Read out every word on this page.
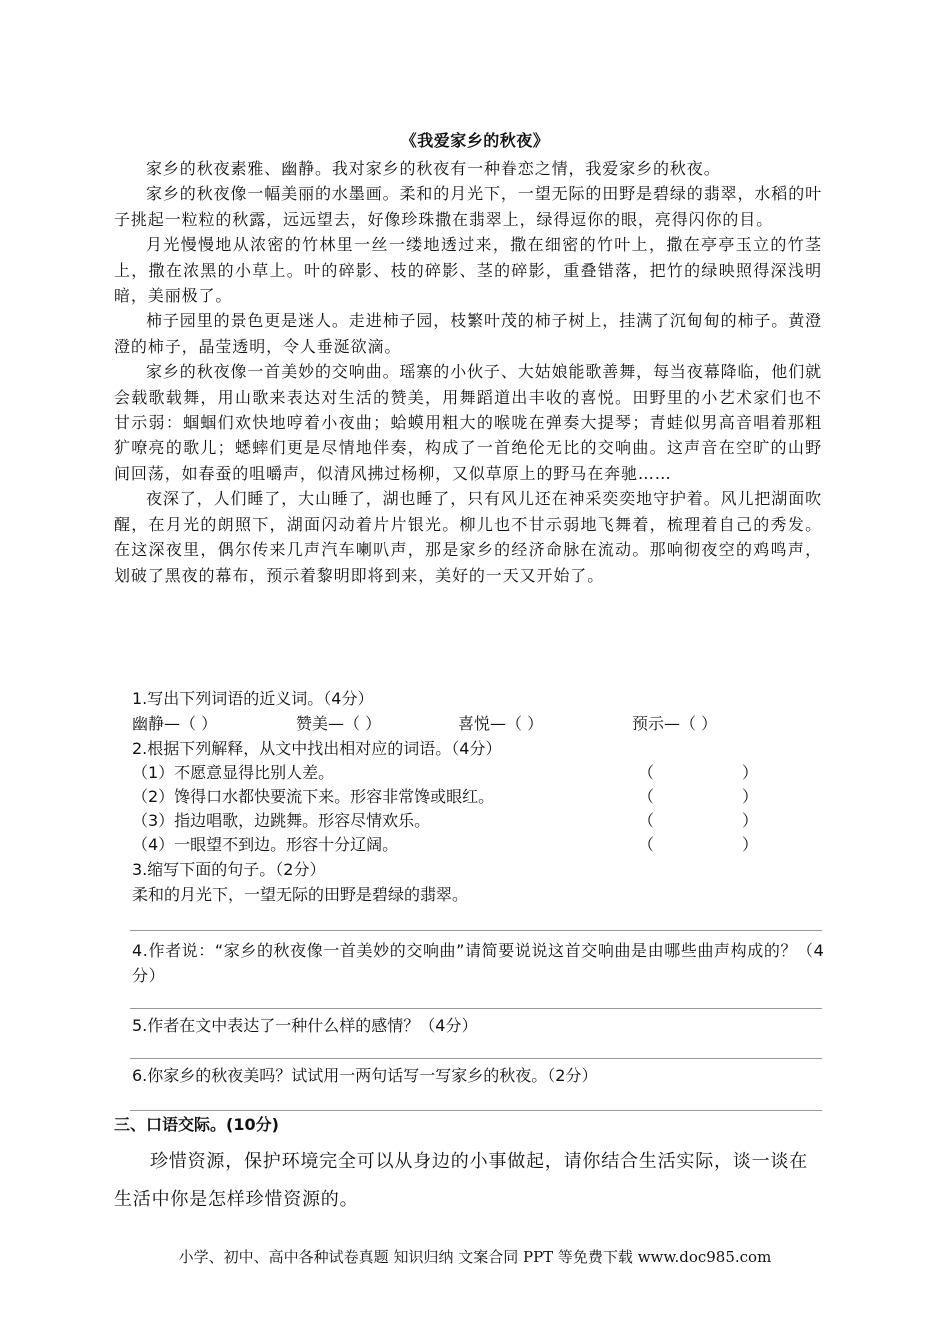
《我爱家乡的秋夜》

家乡的秋夜素雅、幽静。我对家乡的秋夜有一种眷恋之情，我爱家乡的秋夜。

家乡的秋夜像一幅美丽的水墨画。柔和的月光下，一望无际的田野是碧绿的翡翠，水稻的叶子挑起一粒粒的秋露，远远望去，好像珍珠撒在翡翠上，绿得逗你的眼，亮得闪你的目。

月光慢慢地从浓密的竹林里一丝一缕地透过来，撒在细密的竹叶上，撒在亭亭玉立的竹茎上，撒在浓黑的小草上。叶的碎影、枝的碎影、茎的碎影，重叠错落，把竹的绿映照得深浅明暗，美丽极了。

柿子园里的景色更是迷人。走进柿子园，枝繁叶茂的柿子树上，挂满了沉甸甸的柿子。黄澄澄的柿子，晶莹透明，令人垂涎欲滴。

家乡的秋夜像一首美妙的交响曲。瑶寨的小伙子、大姑娘能歌善舞，每当夜幕降临，他们就会载歌载舞，用山歌来表达对生活的赞美，用舞蹈道出丰收的喜悦。田野里的小艺术家们也不甘示弱：蝈蝈们欢快地哼着小夜曲；蛤蟆用粗大的喉咙在弹奏大提琴；青蛙似男高音唱着那粗犷嘹亮的歌儿；蟋蟀们更是尽情地伴奏，构成了一首绝伦无比的交响曲。这声音在空旷的山野间回荡，如春蚕的咀嚼声，似清风拂过杨柳，又似草原上的野马在奔驰……

夜深了，人们睡了，大山睡了，湖也睡了，只有风儿还在神采奕奕地守护着。风儿把湖面吹醒，在月光的朗照下，湖面闪动着片片银光。柳儿也不甘示弱地飞舞着，梳理着自己的秀发。在这深夜里，偶尔传来几声汽车喇叭声，那是家乡的经济命脉在流动。那响彻夜空的鸡鸣声，划破了黑夜的幕布，预示着黎明即将到来，美好的一天又开始了。

1.写出下列词语的近义词。（4分）
幽静—（ ）	赞美—（ ）	喜悦—（ ）	预示—（ ）
2.根据下列解释，从文中找出相对应的词语。（4分）
（1）不愿意显得比别人差。	（	）
（2）馋得口水都快要流下来。形容非常馋或眼红。	（	）
（3）指边唱歌，边跳舞。形容尽情欢乐。	（	）
（4）一眼望不到边。形容十分辽阔。	（	）
3.缩写下面的句子。（2分）
柔和的月光下，一望无际的田野是碧绿的翡翠。
4.作者说：“家乡的秋夜像一首美妙的交响曲”请简要说说这首交响曲是由哪些曲声构成的？（4分）
5.作者在文中表达了一种什么样的感情？（4分）
6.你家乡的秋夜美吗？试试用一两句话写一写家乡的秋夜。（2分）
三、口语交际。(10分)

珍惜资源，保护环境完全可以从身边的小事做起，请你结合生活实际，谈一谈在生活中你是怎样珍惜资源的。

小学、初中、高中各种试卷真题 知识归纳 文案合同 PPT 等免费下载 www.doc985.com
